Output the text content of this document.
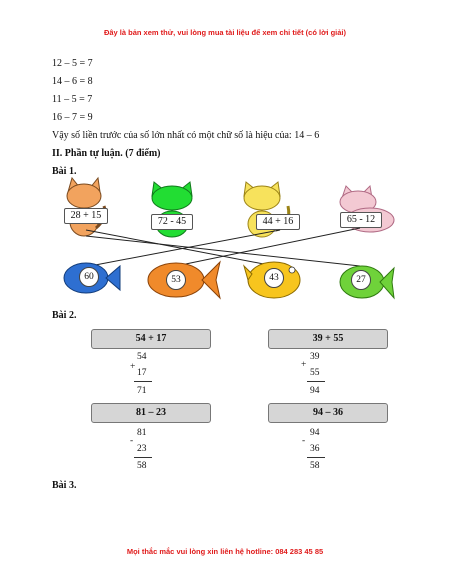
Đây là bản xem thử, vui lòng mua tài liệu để xem chi tiết (có lời giải)
12 – 5 = 7
14 – 6 = 8
11 – 5 = 7
16 – 7 = 9
Vậy số liền trước của số lớn nhất có một chữ số là hiệu của: 14 – 6
II. Phần tự luận. (7 điểm)
Bài 1.
28 + 15
72 - 45	44 + 16	65 - 12
60	53	43	27
Bài 2.
54 + 17
+
54
17
71
39 + 55
+
39
55
94
81 – 23
-
81
23
58
94 – 36
-
94
36
58
Bài 3.
Mọi thắc mắc vui lòng xin liên hệ hotline: 084 283 45 85
